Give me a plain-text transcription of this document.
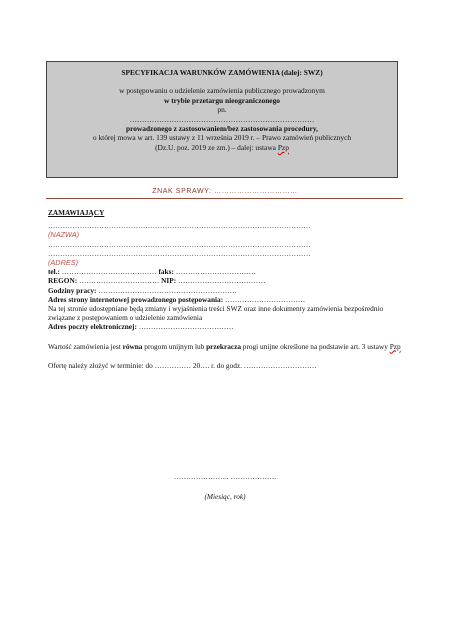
SPECYFIKACJA WARUNKÓW ZAMÓWIENIA (dalej: SWZ)
w postępowaniu o udzielenie zamówienia publicznego prowadzonym
w trybie przetargu nieograniczonego
pn.
…………………………………………………………………
prowadzonego z zastosowaniem/bez zastosowania procedury,
o której mowa w art. 139 ustawy z 11 września 2019 r. – Prawo zamówień publicznych
(Dz.U. poz. 2019 ze zm.) – dalej: ustawa Pzp
ZNAK SPRAWY: ……………………………

ZAMAWIAJĄCY

………………………………………………………………………………………………

(NAZWA)

………………………………………………………………………………………………

………………………………………………………………………………………………

(ADRES)

tel.: ………………………………… faks: ……………………………

REGON: …………………………… NIP: ………………………………

Godziny pracy: …………………………………………………

Adres strony internetowej prowadzonego postępowania: ……………………………

Na tej stronie udostępniane będą zmiany i wyjaśnienia treści SWZ oraz inne dokumenty zamówienia bezpośrednio związane z postępowaniem o udzielenie zamówienia

Adres poczty elektronicznej: …………………………………

Wartość zamówienia jest równa progom unijnym lub przekracza progi unijne określone na podstawie art. 3 ustawy Pzp

Ofertę należy złożyć w terminie: do …………… 20…. r. do godz. …………………………

………………….. ……………….
(Miesiąc, rok)
